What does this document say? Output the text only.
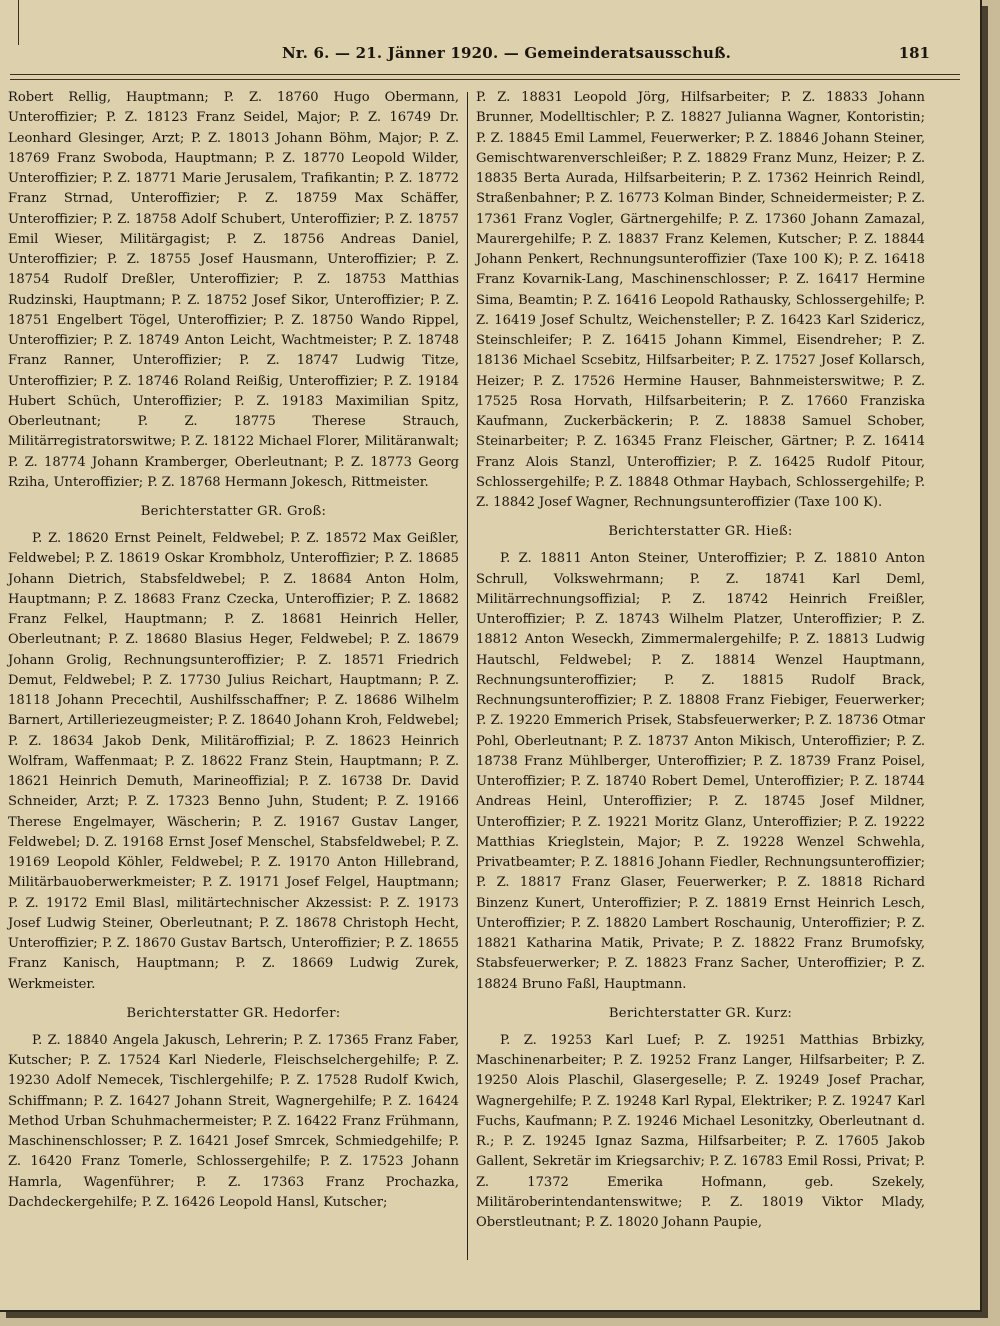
Nr. 6. — 21. Jänner 1920. — Gemeinderatsausschuß.	181

Robert Rellig, Hauptmann; P. Z. 18760 Hugo Obermann, Unteroffizier; P. Z. 18123 Franz Seidel, Major; P. Z. 16749 Dr. Leonhard Glesinger, Arzt; P. Z. 18013 Johann Böhm, Major; P. Z. 18769 Franz Swoboda, Hauptmann; P. Z. 18770 Leopold Wilder, Unteroffizier; P. Z. 18771 Marie Jerusalem, Trafikantin; P. Z. 18772 Franz Strnad, Unteroffizier; P. Z. 18759 Max Schäffer, Unteroffizier; P. Z. 18758 Adolf Schubert, Unteroffizier; P. Z. 18757 Emil Wieser, Militärgagist; P. Z. 18756 Andreas Daniel, Unteroffizier; P. Z. 18755 Josef Hausmann, Unteroffizier; P. Z. 18754 Rudolf Dreßler, Unteroffizier; P. Z. 18753 Matthias Rudzinski, Hauptmann; P. Z. 18752 Josef Sikor, Unteroffizier; P. Z. 18751 Engelbert Tögel, Unteroffizier; P. Z. 18750 Wando Rippel, Unteroffizier; P. Z. 18749 Anton Leicht, Wachtmeister; P. Z. 18748 Franz Ranner, Unteroffizier; P. Z. 18747 Ludwig Titze, Unteroffizier; P. Z. 18746 Roland Reißig, Unteroffizier; P. Z. 19184 Hubert Schüch, Unteroffizier; P. Z. 19183 Maximilian Spitz, Oberleutnant; P. Z. 18775 Therese Strauch, Militärregistratorswitwe; P. Z. 18122 Michael Florer, Militäranwalt; P. Z. 18774 Johann Kramberger, Oberleutnant; P. Z. 18773 Georg Rziha, Unteroffizier; P. Z. 18768 Hermann Jokesch, Rittmeister.

Berichterstatter GR. Groß:

P. Z. 18620 Ernst Peinelt, Feldwebel; P. Z. 18572 Max Geißler, Feldwebel; P. Z. 18619 Oskar Krombholz, Unteroffizier; P. Z. 18685 Johann Dietrich, Stabsfeldwebel; P. Z. 18684 Anton Holm, Hauptmann; P. Z. 18683 Franz Czecka, Unteroffizier; P. Z. 18682 Franz Felkel, Hauptmann; P. Z. 18681 Heinrich Heller, Oberleutnant; P. Z. 18680 Blasius Heger, Feldwebel; P. Z. 18679 Johann Grolig, Rechnungsunteroffizier; P. Z. 18571 Friedrich Demut, Feldwebel; P. Z. 17730 Julius Reichart, Hauptmann; P. Z. 18118 Johann Precechtil, Aushilfsschaffner; P. Z. 18686 Wilhelm Barnert, Artilleriezeugmeister; P. Z. 18640 Johann Kroh, Feldwebel; P. Z. 18634 Jakob Denk, Militäroffizial; P. Z. 18623 Heinrich Wolfram, Waffenmaat; P. Z. 18622 Franz Stein, Hauptmann; P. Z. 18621 Heinrich Demuth, Marineoffizial; P. Z. 16738 Dr. David Schneider, Arzt; P. Z. 17323 Benno Juhn, Student; P. Z. 19166 Therese Engelmayer, Wäscherin; P. Z. 19167 Gustav Langer, Feldwebel; D. Z. 19168 Ernst Josef Menschel, Stabsfeldwebel; P. Z. 19169 Leopold Köhler, Feldwebel; P. Z. 19170 Anton Hillebrand, Militärbauoberwerkmeister; P. Z. 19171 Josef Felgel, Hauptmann; P. Z. 19172 Emil Blasl, militärtechnischer Akzessist: P. Z. 19173 Josef Ludwig Steiner, Oberleutnant; P. Z. 18678 Christoph Hecht, Unteroffizier; P. Z. 18670 Gustav Bartsch, Unteroffizier; P. Z. 18655 Franz Kanisch, Hauptmann; P. Z. 18669 Ludwig Zurek, Werkmeister.

Berichterstatter GR. Hedorfer:

P. Z. 18840 Angela Jakusch, Lehrerin; P. Z. 17365 Franz Faber, Kutscher; P. Z. 17524 Karl Niederle, Fleischselchergehilfe; P. Z. 19230 Adolf Nemecek, Tischlergehilfe; P. Z. 17528 Rudolf Kwich, Schiffmann; P. Z. 16427 Johann Streit, Wagnergehilfe; P. Z. 16424 Method Urban Schuhmachermeister; P. Z. 16422 Franz Frühmann, Maschinenschlosser; P. Z. 16421 Josef Smrcek, Schmiedgehilfe; P. Z. 16420 Franz Tomerle, Schlossergehilfe; P. Z. 17523 Johann Hamrla, Wagenführer; P. Z. 17363 Franz Prochazka, Dachdeckergehilfe; P. Z. 16426 Leopold Hansl, Kutscher;

P. Z. 18831 Leopold Jörg, Hilfsarbeiter; P. Z. 18833 Johann Brunner, Modelltischler; P. Z. 18827 Julianna Wagner, Kontoristin; P. Z. 18845 Emil Lammel, Feuerwerker; P. Z. 18846 Johann Steiner, Gemischtwarenverschleißer; P. Z. 18829 Franz Munz, Heizer; P. Z. 18835 Berta Aurada, Hilfsarbeiterin; P. Z. 17362 Heinrich Reindl, Straßenbahner; P. Z. 16773 Kolman Binder, Schneidermeister; P. Z. 17361 Franz Vogler, Gärtnergehilfe; P. Z. 17360 Johann Zamazal, Maurergehilfe; P. Z. 18837 Franz Kelemen, Kutscher; P. Z. 18844 Johann Penkert, Rechnungsunteroffizier (Taxe 100 K); P. Z. 16418 Franz Kovarnik-Lang, Maschinenschlosser; P. Z. 16417 Hermine Sima, Beamtin; P. Z. 16416 Leopold Rathausky, Schlossergehilfe; P. Z. 16419 Josef Schultz, Weichensteller; P. Z. 16423 Karl Szidericz, Steinschleifer; P. Z. 16415 Johann Kimmel, Eisendreher; P. Z. 18136 Michael Scsebitz, Hilfsarbeiter; P. Z. 17527 Josef Kollarsch, Heizer; P. Z. 17526 Hermine Hauser, Bahnmeisterswitwe; P. Z. 17525 Rosa Horvath, Hilfsarbeiterin; P. Z. 17660 Franziska Kaufmann, Zuckerbäckerin; P. Z. 18838 Samuel Schober, Steinarbeiter; P. Z. 16345 Franz Fleischer, Gärtner; P. Z. 16414 Franz Alois Stanzl, Unteroffizier; P. Z. 16425 Rudolf Pitour, Schlossergehilfe; P. Z. 18848 Othmar Haybach, Schlossergehilfe; P. Z. 18842 Josef Wagner, Rechnungsunteroffizier (Taxe 100 K).

Berichterstatter GR. Hieß:

P. Z. 18811 Anton Steiner, Unteroffizier; P. Z. 18810 Anton Schrull, Volkswehrmann; P. Z. 18741 Karl Deml, Militärrechnungsoffizial; P. Z. 18742 Heinrich Freißler, Unteroffizier; P. Z. 18743 Wilhelm Platzer, Unteroffizier; P. Z. 18812 Anton Weseckh, Zimmermalergehilfe; P. Z. 18813 Ludwig Hautschl, Feldwebel; P. Z. 18814 Wenzel Hauptmann, Rechnungsunteroffizier; P. Z. 18815 Rudolf Brack, Rechnungsunteroffizier; P. Z. 18808 Franz Fiebiger, Feuerwerker; P. Z. 19220 Emmerich Prisek, Stabsfeuerwerker; P. Z. 18736 Otmar Pohl, Oberleutnant; P. Z. 18737 Anton Mikisch, Unteroffizier; P. Z. 18738 Franz Mühlberger, Unteroffizier; P. Z. 18739 Franz Poisel, Unteroffizier; P. Z. 18740 Robert Demel, Unteroffizier; P. Z. 18744 Andreas Heinl, Unteroffizier; P. Z. 18745 Josef Mildner, Unteroffizier; P. Z. 19221 Moritz Glanz, Unteroffizier; P. Z. 19222 Matthias Krieglstein, Major; P. Z. 19228 Wenzel Schwehla, Privatbeamter; P. Z. 18816 Johann Fiedler, Rechnungsunteroffizier; P. Z. 18817 Franz Glaser, Feuerwerker; P. Z. 18818 Richard Binzenz Kunert, Unteroffizier; P. Z. 18819 Ernst Heinrich Lesch, Unteroffizier; P. Z. 18820 Lambert Roschaunig, Unteroffizier; P. Z. 18821 Katharina Matik, Private; P. Z. 18822 Franz Brumofsky, Stabsfeuerwerker; P. Z. 18823 Franz Sacher, Unteroffizier; P. Z. 18824 Bruno Faßl, Hauptmann.

Berichterstatter GR. Kurz:

P. Z. 19253 Karl Luef; P. Z. 19251 Matthias Brbizky, Maschinenarbeiter; P. Z. 19252 Franz Langer, Hilfsarbeiter; P. Z. 19250 Alois Plaschil, Glasergeselle; P. Z. 19249 Josef Prachar, Wagnergehilfe; P. Z. 19248 Karl Rypal, Elektriker; P. Z. 19247 Karl Fuchs, Kaufmann; P. Z. 19246 Michael Lesonitzky, Oberleutnant d. R.; P. Z. 19245 Ignaz Sazma, Hilfsarbeiter; P. Z. 17605 Jakob Gallent, Sekretär im Kriegsarchiv; P. Z. 16783 Emil Rossi, Privat; P. Z. 17372 Emerika Hofmann, geb. Szekely, Militäroberintendantenswitwe; P. Z. 18019 Viktor Mlady, Oberstleutnant; P. Z. 18020 Johann Paupie,
